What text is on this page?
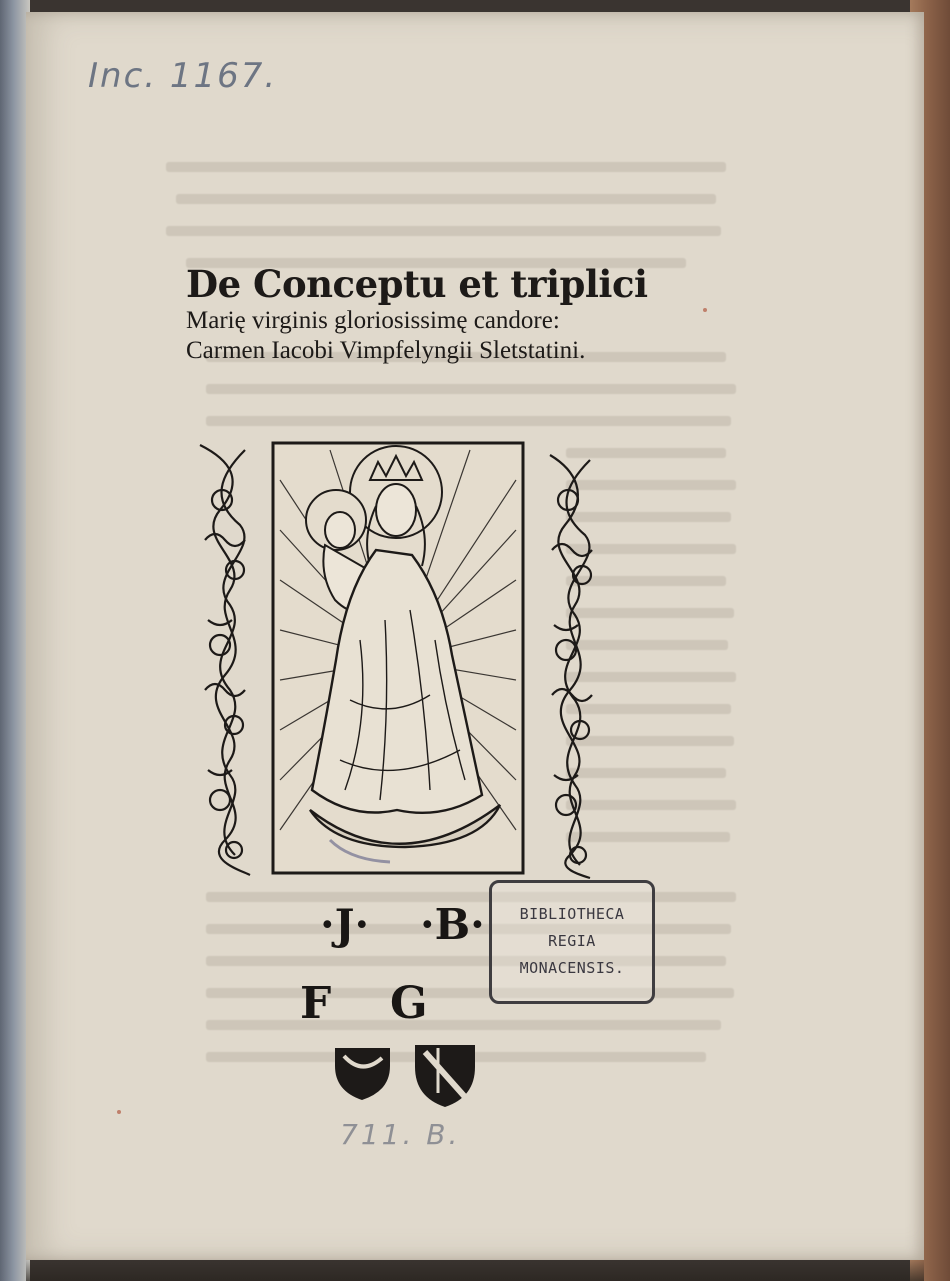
Inc. 1167.
De Conceptu et triplici
Marię virginis gloriosissimę candore:
Carmen Iacobi Vimpfelyngii Sletstatini.
·J· ·B·
F G
BIBLIOTHECA
REGIA
MONACENSIS.
711. B.
